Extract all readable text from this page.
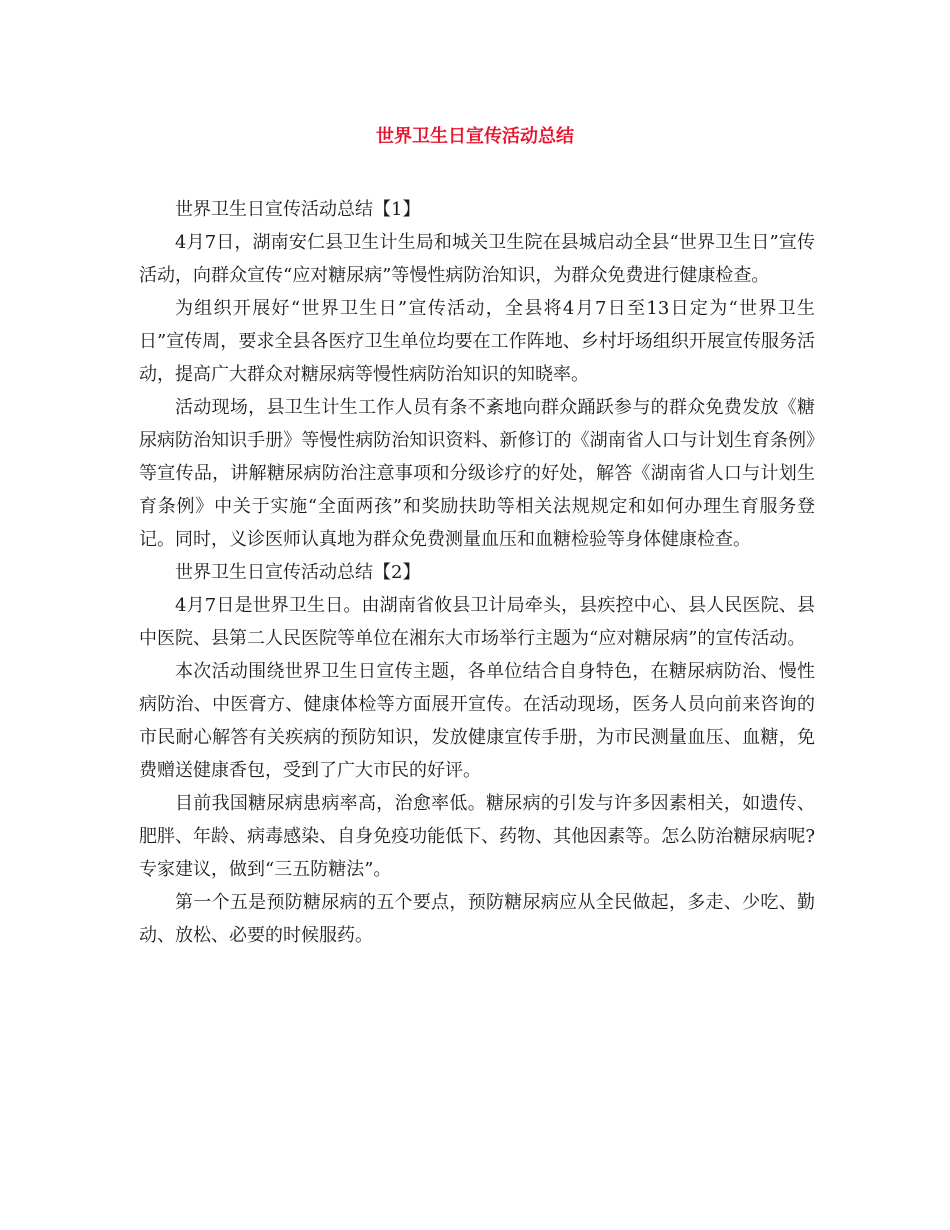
世界卫生日宣传活动总结

世界卫生日宣传活动总结【1】

4月7日，湖南安仁县卫生计生局和城关卫生院在县城启动全县“世界卫生日”宣传活动，向群众宣传“应对糖尿病”等慢性病防治知识，为群众免费进行健康检查。

为组织开展好“世界卫生日”宣传活动，全县将4月7日至13日定为“世界卫生日”宣传周，要求全县各医疗卫生单位均要在工作阵地、乡村圩场组织开展宣传服务活动，提高广大群众对糖尿病等慢性病防治知识的知晓率。

活动现场，县卫生计生工作人员有条不紊地向群众踊跃参与的群众免费发放《糖尿病防治知识手册》等慢性病防治知识资料、新修订的《湖南省人口与计划生育条例》等宣传品，讲解糖尿病防治注意事项和分级诊疗的好处，解答《湖南省人口与计划生育条例》中关于实施“全面两孩”和奖励扶助等相关法规规定和如何办理生育服务登记。同时，义诊医师认真地为群众免费测量血压和血糖检验等身体健康检查。

世界卫生日宣传活动总结【2】

4月7日是世界卫生日。由湖南省攸县卫计局牵头，县疾控中心、县人民医院、县中医院、县第二人民医院等单位在湘东大市场举行主题为“应对糖尿病”的宣传活动。

本次活动围绕世界卫生日宣传主题，各单位结合自身特色，在糖尿病防治、慢性病防治、中医膏方、健康体检等方面展开宣传。在活动现场，医务人员向前来咨询的市民耐心解答有关疾病的预防知识，发放健康宣传手册，为市民测量血压、血糖，免费赠送健康香包，受到了广大市民的好评。

目前我国糖尿病患病率高，治愈率低。糖尿病的引发与许多因素相关，如遗传、肥胖、年龄、病毒感染、自身免疫功能低下、药物、其他因素等。怎么防治糖尿病呢?专家建议，做到“三五防糖法”。

第一个五是预防糖尿病的五个要点，预防糖尿病应从全民做起，多走、少吃、勤动、放松、必要的时候服药。
